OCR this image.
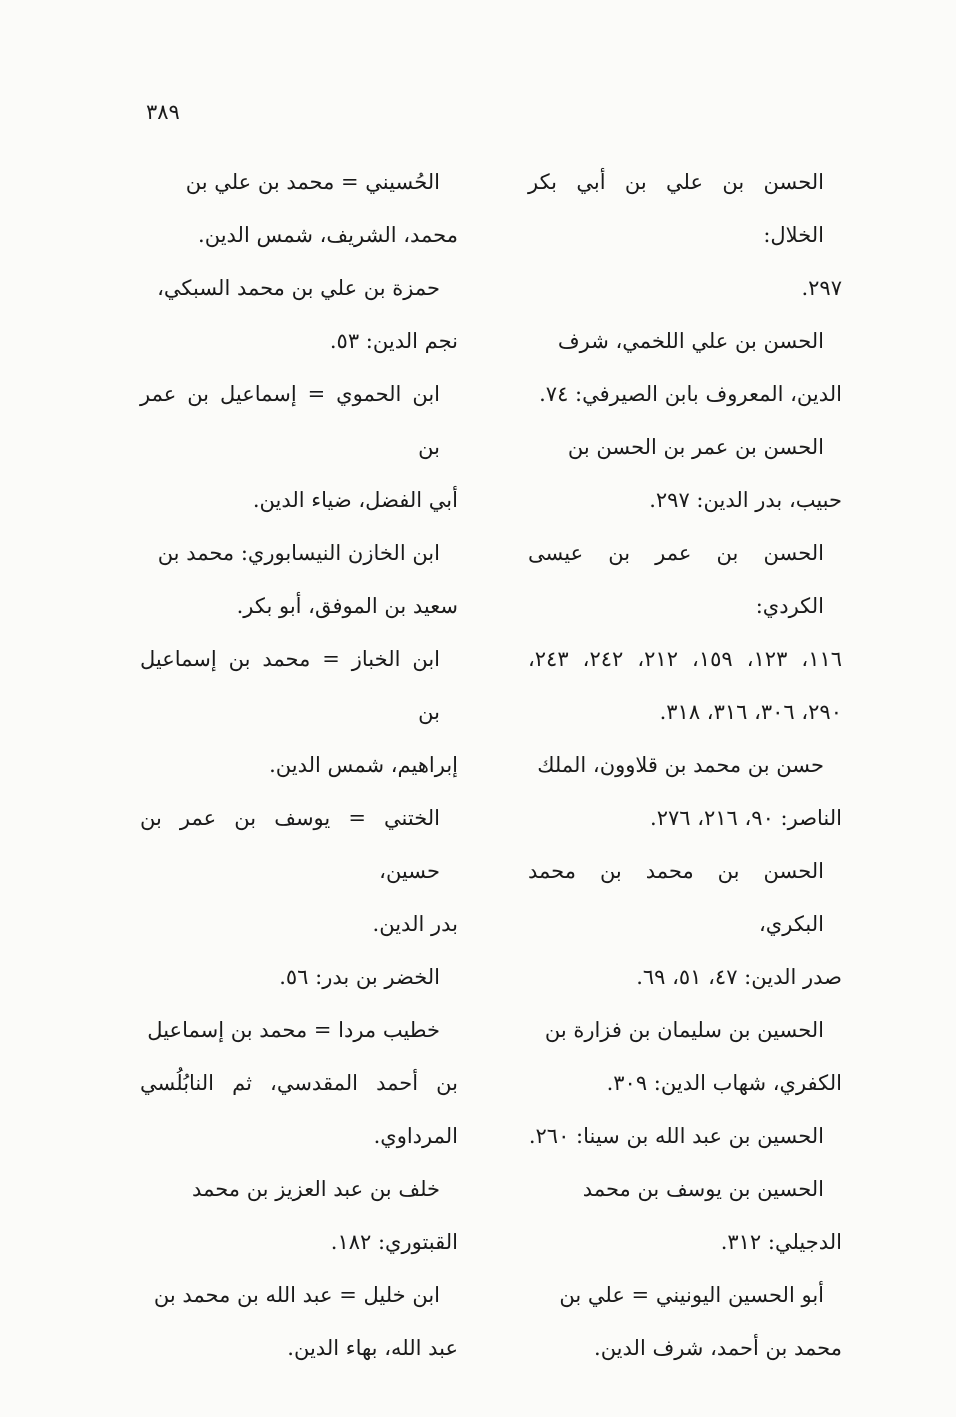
٣٨٩

الحسن بن علي بن أبي بكر الخلال:
٢٩٧.

الحسن بن علي اللخمي، شرف
الدين، المعروف بابن الصيرفي: ٧٤.

الحسن بن عمر بن الحسن بن
حبيب، بدر الدين: ٢٩٧.

الحسن بن عمر بن عيسى الكردي:
١١٦، ١٢٣، ١٥٩، ٢١٢، ٢٤٢، ٢٤٣، ٢٩٠، ٣٠٦، ٣١٦، ٣١٨.

حسن بن محمد بن قلاوون، الملك
الناصر: ٩٠، ٢١٦، ٢٧٦.

الحسن بن محمد بن محمد البكري،
صدر الدين: ٤٧، ٥١، ٦٩.

الحسين بن سليمان بن فزارة بن
الكفري، شهاب الدين: ٣٠٩.

الحسين بن عبد الله بن سينا: ٢٦٠.

الحسين بن يوسف بن محمد
الدجيلي: ٣١٢.

أبو الحسين اليونيني = علي بن
محمد بن أحمد، شرف الدين.

الحُسيني = محمد بن علي بن
محمد، الشريف، شمس الدين.

حمزة بن علي بن محمد السبكي،
نجم الدين: ٥٣.

ابن الحموي = إسماعيل بن عمر بن
أبي الفضل، ضياء الدين.

ابن الخازن النيسابوري: محمد بن
سعيد بن الموفق، أبو بكر.

ابن الخباز = محمد بن إسماعيل بن
إبراهيم، شمس الدين.

الختني = يوسف بن عمر بن حسين،
بدر الدين.

الخضر بن بدر: ٥٦.

خطيب مردا = محمد بن إسماعيل
بن أحمد المقدسي، ثم النابُلُسي المرداوي.

خلف بن عبد العزيز بن محمد
القبتوري: ١٨٢.

ابن خليل = عبد الله بن محمد بن
عبد الله، بهاء الدين.
